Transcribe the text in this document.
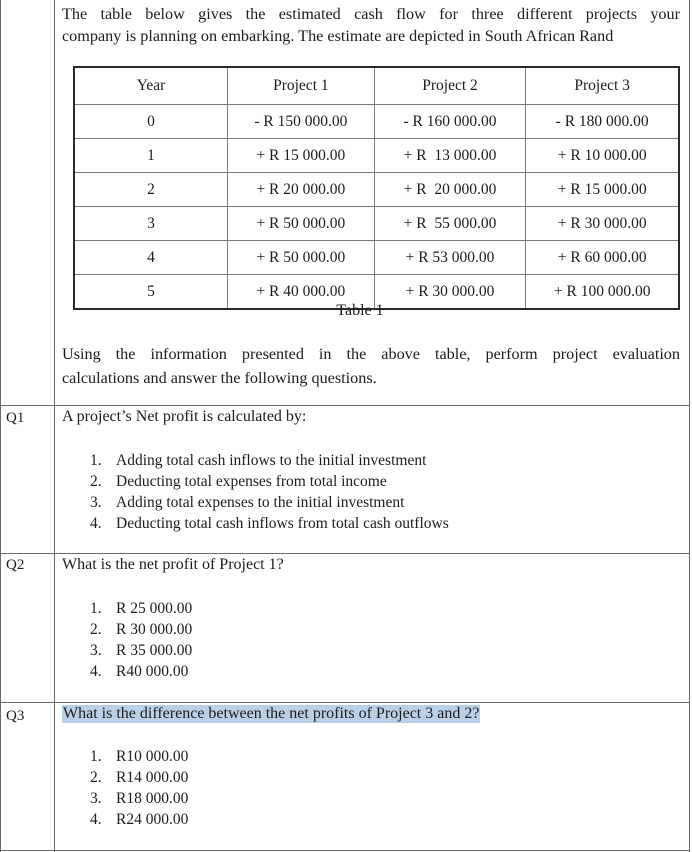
The table below gives the estimated cash flow for three different projects your
company is planning on embarking. The estimate are depicted in South African Rand
Year	Project 1	Project 2	Project 3
0	- R 150 000.00	- R 160 000.00	- R 180 000.00
1	+ R 15 000.00	+ R  13 000.00	+ R 10 000.00
2	+ R 20 000.00	+ R  20 000.00	+ R 15 000.00
3	+ R 50 000.00	+ R  55 000.00	+ R 30 000.00
4	+ R 50 000.00	+ R 53 000.00	+ R 60 000.00
5	+ R 40 000.00	+ R 30 000.00	+ R 100 000.00
Table 1
Using the information presented in the above table, perform project evaluation
calculations and answer the following questions.
Q1 A project’s Net profit is calculated by:
1. Adding total cash inflows to the initial investment
2. Deducting total expenses from total income
3. Adding total expenses to the initial investment
4. Deducting total cash inflows from total cash outflows
Q2 What is the net profit of Project 1?
1. R 25 000.00
2. R 30 000.00
3. R 35 000.00
4. R40 000.00
Q3 What is the difference between the net profits of Project 3 and 2?
1. R10 000.00
2. R14 000.00
3. R18 000.00
4. R24 000.00
